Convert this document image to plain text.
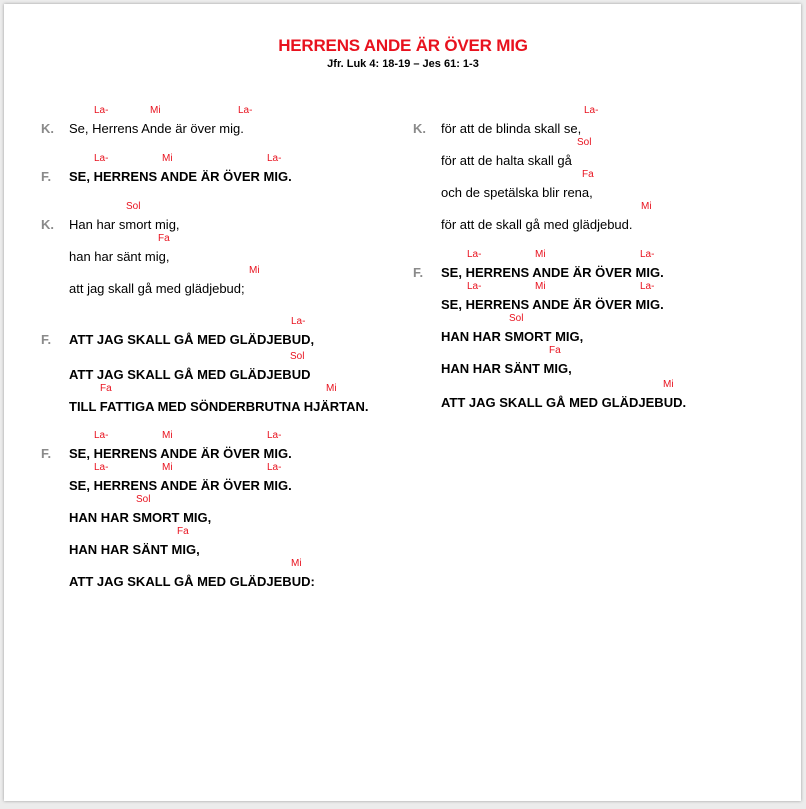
HERRENS ANDE ÄR ÖVER MIG
Jfr. Luk 4: 18-19 – Jes 61: 1-3
K. Se, Herrens Ande är över mig.
La-	Mi	La-
F. SE, HERRENS ANDE ÄR ÖVER MIG.
La-	Mi	La-
K. Han har smort mig,
Sol
han har sänt mig,
Fa
att jag skall gå med glädjebud;
Mi
F. ATT JAG SKALL GÅ MED GLÄDJEBUD,
La-
ATT JAG SKALL GÅ MED GLÄDJEBUD
Sol
TILL FATTIGA MED SÖNDERBRUTNA HJÄRTAN.
Fa	Mi
F. SE, HERRENS ANDE ÄR ÖVER MIG.
La-	Mi	La-
SE, HERRENS ANDE ÄR ÖVER MIG.
La-	Mi	La-
HAN HAR SMORT MIG,
Sol
HAN HAR SÄNT MIG,
Fa
ATT JAG SKALL GÅ MED GLÄDJEBUD:
Mi
K. för att de blinda skall se,
La-
för att de halta skall gå
Sol
och de spetälska blir rena,
Fa
för att de skall gå med glädjebud.
Mi
F. SE, HERRENS ANDE ÄR ÖVER MIG.
La-	Mi	La-
SE, HERRENS ANDE ÄR ÖVER MIG.
La-	Mi	La-
HAN HAR SMORT MIG,
Sol
HAN HAR SÄNT MIG,
Fa
ATT JAG SKALL GÅ MED GLÄDJEBUD.
Mi
